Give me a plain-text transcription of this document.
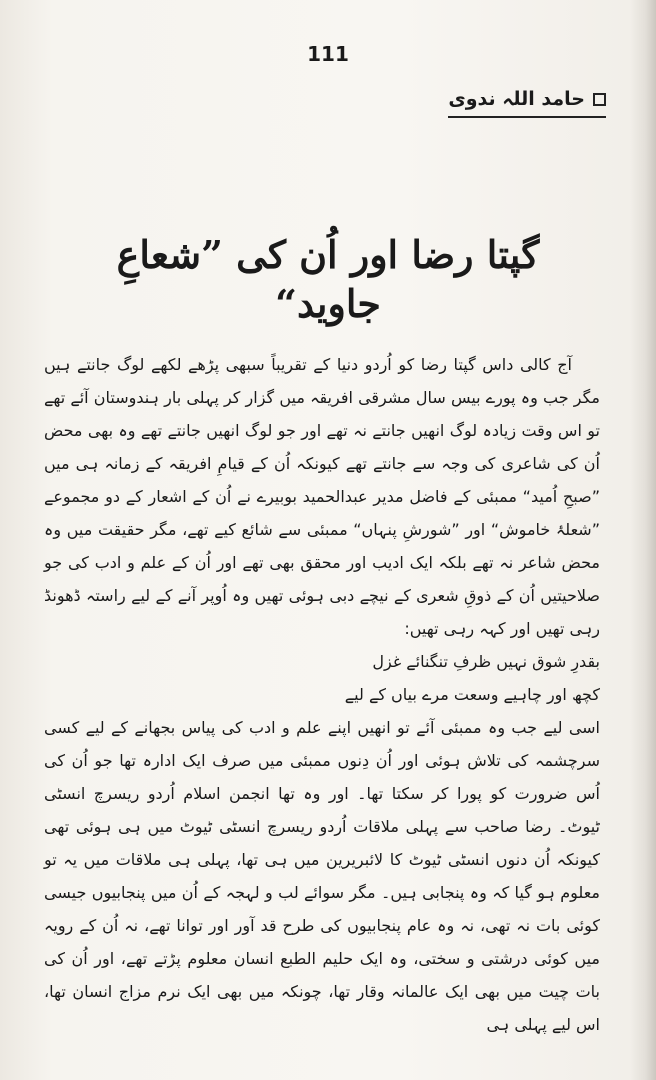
111
حامد اللہ ندوی
گپتا رضا اور اُن کی ”شعاعِ جاوید“

آج کالی داس گپتا رضا کو اُردو دنیا کے تقریباً سبھی پڑھے لکھے لوگ جانتے ہیں مگر جب وہ پورے بیس سال مشرقی افریقہ میں گزار کر پہلی بار ہندوستان آئے تھے تو اس وقت زیادہ لوگ انھیں جانتے نہ تھے اور جو لوگ انھیں جانتے تھے وہ بھی محض اُن کی شاعری کی وجہ سے جانتے تھے کیونکہ اُن کے قیامِ افریقہ کے زمانہ ہی میں ”صبحِ اُمید“ ممبئی کے فاضل مدیر عبدالحمید بوبیرے نے اُن کے اشعار کے دو مجموعے ”شعلۂ خاموش“ اور ”شورشِ پنہاں“ ممبئی سے شائع کیے تھے، مگر حقیقت میں وہ محض شاعر نہ تھے بلکہ ایک ادیب اور محقق بھی تھے اور اُن کے علم و ادب کی جو صلاحیتیں اُن کے ذوقِ شعری کے نیچے دبی ہوئی تھیں وہ اُوپر آنے کے لیے راستہ ڈھونڈ رہی تھیں اور کہہ رہی تھیں:

بقدرِ شوق نہیں ظرفِ تنگنائے غزل

کچھ اور چاہیے وسعت مرے بیاں کے لیے

اسی لیے جب وہ ممبئی آئے تو انھیں اپنے علم و ادب کی پیاس بجھانے کے لیے کسی سرچشمہ کی تلاش ہوئی اور اُن دِنوں ممبئی میں صرف ایک ادارہ تھا جو اُن کی اُس ضرورت کو پورا کر سکتا تھا۔ اور وہ تھا انجمن اسلام اُردو ریسرچ انسٹی ٹیوٹ۔ رضا صاحب سے پہلی ملاقات اُردو ریسرچ انسٹی ٹیوٹ میں ہی ہوئی تھی کیونکہ اُن دنوں انسٹی ٹیوٹ کا لائبریرین میں ہی تھا، پہلی ہی ملاقات میں یہ تو معلوم ہو گیا کہ وہ پنجابی ہیں۔ مگر سوائے لب و لہجہ کے اُن میں پنجابیوں جیسی کوئی بات نہ تھی، نہ وہ عام پنجابیوں کی طرح قد آور اور توانا تھے، نہ اُن کے رویہ میں کوئی درشتی و سختی، وہ ایک حلیم الطبع انسان معلوم پڑتے تھے، اور اُن کی بات چیت میں بھی ایک عالمانہ وقار تھا، چونکہ میں بھی ایک نرم مزاج انسان تھا، اس لیے پہلی ہی
